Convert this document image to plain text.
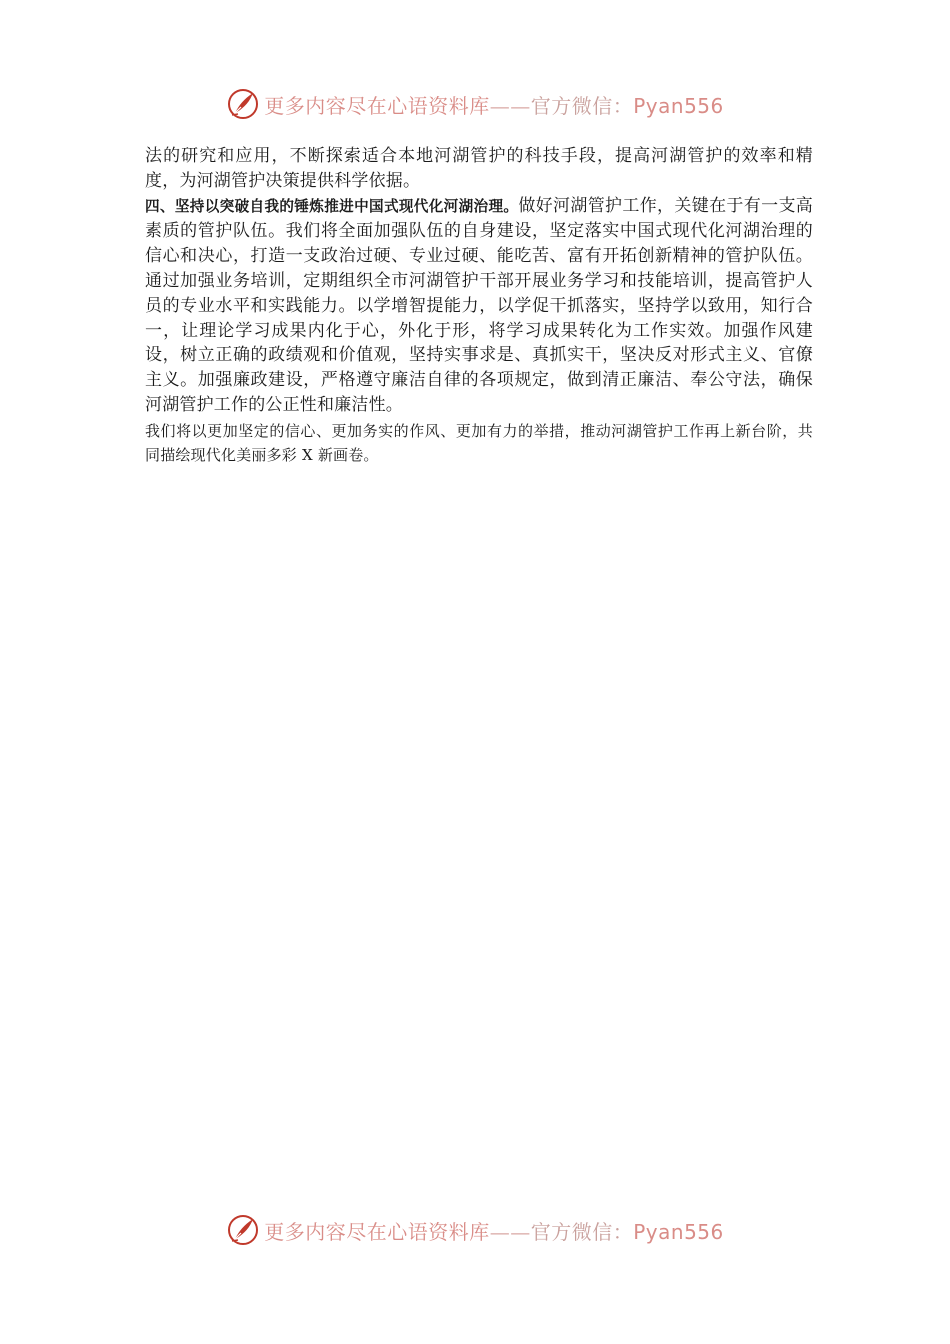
更多内容尽在心语资料库——官方微信：Pyan556

法的研究和应用，不断探索适合本地河湖管护的科技手段，提高河湖管护的效率和精度，为河湖管护决策提供科学依据。

四、坚持以突破自我的锤炼推进中国式现代化河湖治理。做好河湖管护工作，关键在于有一支高素质的管护队伍。我们将全面加强队伍的自身建设，坚定落实中国式现代化河湖治理的信心和决心，打造一支政治过硬、专业过硬、能吃苦、富有开拓创新精神的管护队伍。通过加强业务培训，定期组织全市河湖管护干部开展业务学习和技能培训，提高管护人员的专业水平和实践能力。以学增智提能力，以学促干抓落实，坚持学以致用，知行合一，让理论学习成果内化于心，外化于形，将学习成果转化为工作实效。加强作风建设，树立正确的政绩观和价值观，坚持实事求是、真抓实干，坚决反对形式主义、官僚主义。加强廉政建设，严格遵守廉洁自律的各项规定，做到清正廉洁、奉公守法，确保河湖管护工作的公正性和廉洁性。

我们将以更加坚定的信心、更加务实的作风、更加有力的举措，推动河湖管护工作再上新台阶，共同描绘现代化美丽多彩 X 新画卷。

更多内容尽在心语资料库——官方微信：Pyan556
